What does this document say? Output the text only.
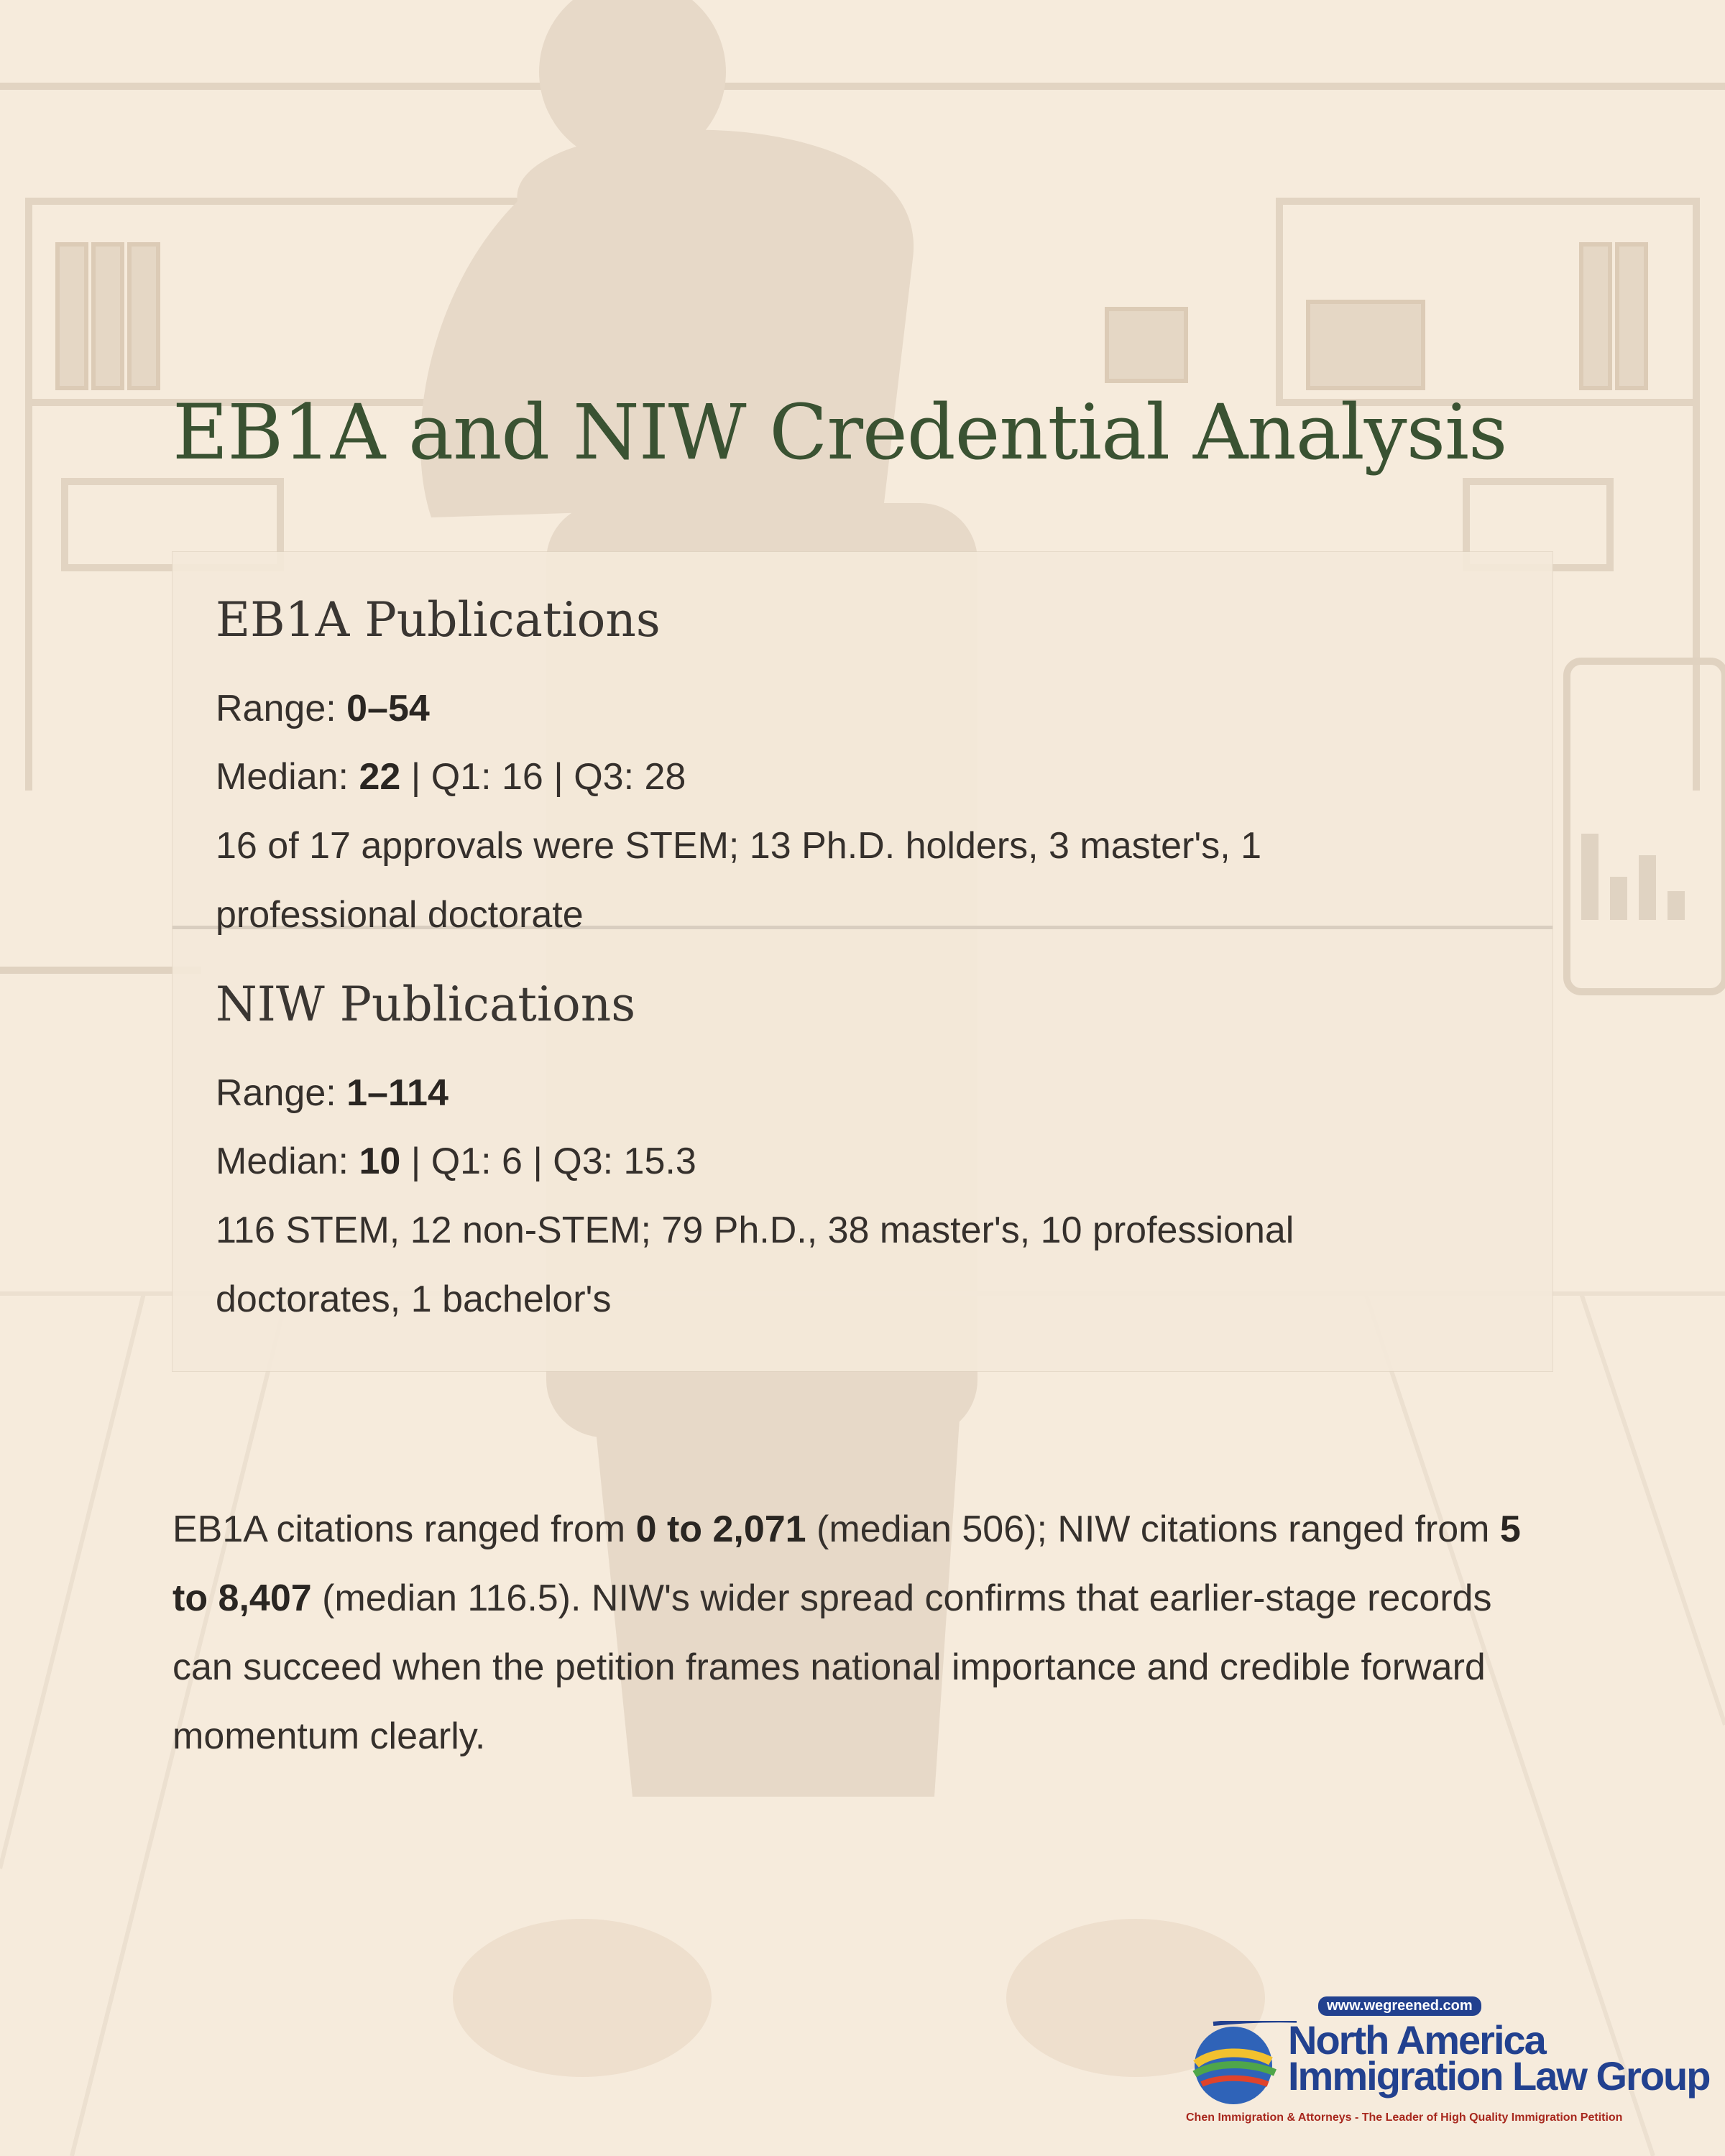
EB1A and NIW Credential Analysis
EB1A Publications

Range: 0–54

Median: 22 | Q1: 16 | Q3: 28

16 of 17 approvals were STEM; 13 Ph.D. holders, 3 master's, 1 professional doctorate

NIW Publications

Range: 1–114

Median: 10 | Q1: 6 | Q3: 15.3

116 STEM, 12 non-STEM; 79 Ph.D., 38 master's, 10 professional doctorates, 1 bachelor's

EB1A citations ranged from 0 to 2,071 (median 506); NIW citations ranged from 5 to 8,407 (median 116.5). NIW's wider spread confirms that earlier-stage records can succeed when the petition frames national importance and credible forward momentum clearly.

www.wegreened.com
North America
Immigration Law Group
Chen Immigration & Attorneys - The Leader of High Quality Immigration Petition
